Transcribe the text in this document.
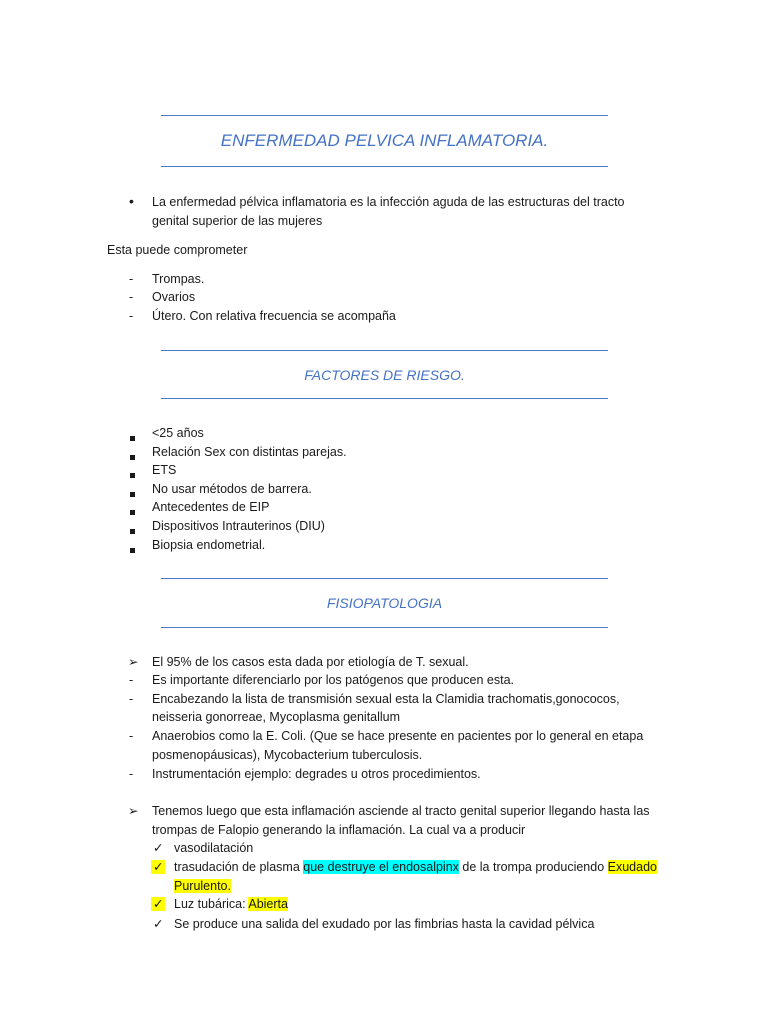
ENFERMEDAD PELVICA INFLAMATORIA.
• La enfermedad pélvica inflamatoria es la infección aguda de las estructuras del tracto
genital superior de las mujeres
Esta puede comprometer
- Trompas.
- Ovarios
- Útero. Con relativa frecuencia se acompaña
FACTORES DE RIESGO.
<25 años
Relación Sex con distintas parejas.
ETS
No usar métodos de barrera.
Antecedentes de EIP
Dispositivos Intrauterinos (DIU)
Biopsia endometrial.
FISIOPATOLOGIA
➢ El 95% de los casos esta dada por etiología de T. sexual.
- Es importante diferenciarlo por los patógenos que producen esta.
- Encabezando la lista de transmisión sexual esta la Clamidia trachomatis,gonococos,
neisseria gonorreae, Mycoplasma genitallum
- Anaerobios como la E. Coli. (Que se hace presente en pacientes por lo general en etapa
posmenopáusicas), Mycobacterium tuberculosis.
- Instrumentación ejemplo: degrades u otros procedimientos.
➢ Tenemos luego que esta inflamación asciende al tracto genital superior llegando hasta las
trompas de Falopio generando la inflamación. La cual va a producir
✓ vasodilatación
✓ trasudación de plasma que destruye el endosalpinx de la trompa produciendo Exudado
Purulento.
✓ Luz tubárica: Abierta
✓ Se produce una salida del exudado por las fimbrias hasta la cavidad pélvica
